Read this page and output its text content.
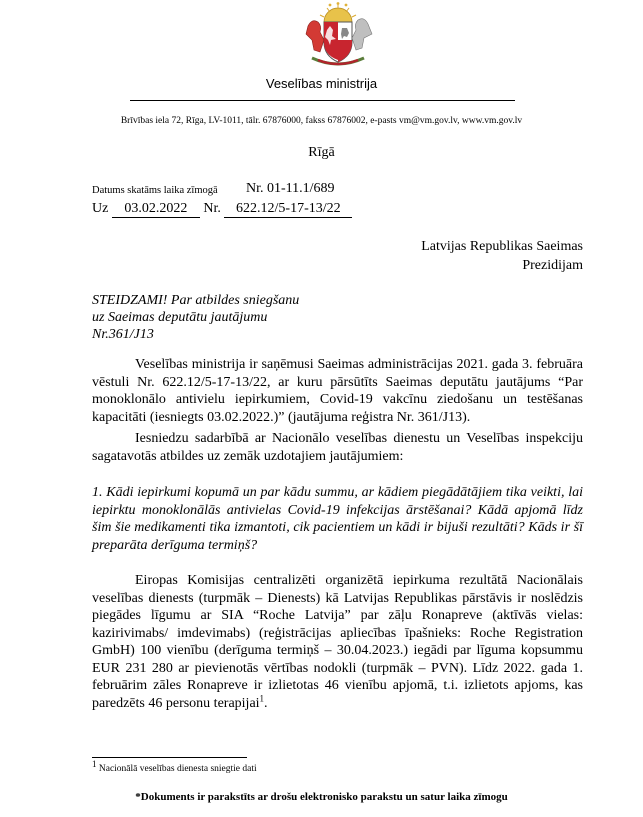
Veselības ministrija
Brīvības iela 72, Rīga, LV-1011, tālr. 67876000, fakss 67876002, e-pasts vm@vm.gov.lv, www.vm.gov.lv
Rīgā
Datums skatāms laika zīmogā Nr. 01-11.1/689
Uz 03.02.2022 Nr. 622.12/5-17-13/22
Latvijas Republikas Saeimas
Prezidijam
STEIDZAMI! Par atbildes sniegšanu
uz Saeimas deputātu jautājumu
Nr.361/J13

Veselības ministrija ir saņēmusi Saeimas administrācijas 2021. gada 3. februāra vēstuli Nr. 622.12/5-17-13/22, ar kuru pārsūtīts Saeimas deputātu jautājums “Par monoklonālo antivielu iepirkumiem, Covid-19 vakcīnu ziedošanu un testēšanas kapacitāti (iesniegts 03.02.2022.)” (jautājuma reģistra Nr. 361/J13).

Iesniedzu sadarbībā ar Nacionālo veselības dienestu un Veselības inspekciju sagatavotās atbildes uz zemāk uzdotajiem jautājumiem:

1. Kādi iepirkumi kopumā un par kādu summu, ar kādiem piegādātājiem tika veikti, lai iepirktu monoklonālās antivielas Covid-19 infekcijas ārstēšanai? Kādā apjomā līdz šim šie medikamenti tika izmantoti, cik pacientiem un kādi ir bijuši rezultāti? Kāds ir šī preparāta derīguma termiņš?

Eiropas Komisijas centralizēti organizētā iepirkuma rezultātā Nacionālais veselības dienests (turpmāk – Dienests) kā Latvijas Republikas pārstāvis ir noslēdzis piegādes līgumu ar SIA “Roche Latvija” par zāļu Ronapreve (aktīvās vielas: kazirivimabs/ imdevimabs) (reģistrācijas apliecības īpašnieks: Roche Registration GmbH) 100 vienību (derīguma termiņš – 30.04.2023.) iegādi par līguma kopsummu EUR 231 280 ar pievienotās vērtības nodokli (turpmāk – PVN). Līdz 2022. gada 1. februārim zāles Ronapreve ir izlietotas 46 vienību apjomā, t.i. izlietots apjoms, kas paredzēts 46 personu terapijai$^1$.

$^1$ Nacionālā veselības dienesta sniegtie dati
*Dokuments ir parakstīts ar drošu elektronisko parakstu un satur laika zīmogu
